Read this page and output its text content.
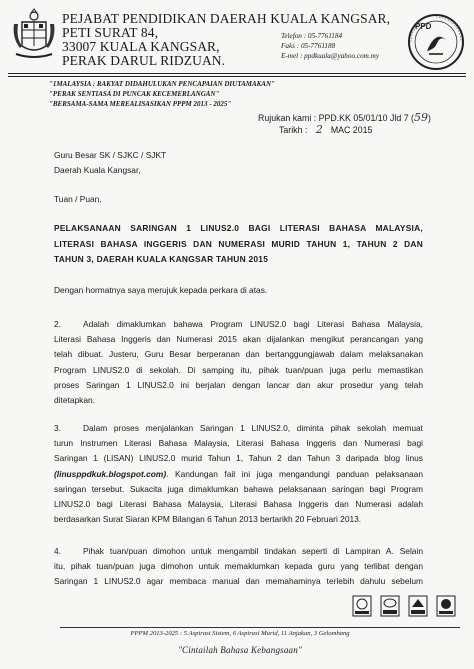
PEJABAT PENDIDIKAN DAERAH KUALA KANGSAR,
PETI SURAT 84,
33007 KUALA KANGSAR,
PERAK DARUL RIDZUAN.
Telefon : 05-7761184
Faks : 05-7761188
E-mel : ppdkuala@yahoo.com.my
PPD
"1MALAYSIA : RAKYAT DIDAHULUKAN PENCAPAIAN DIUTAMAKAN"
"PERAK SENTIASA DI PUNCAK KECEMERLANGAN"
"BERSAMA-SAMA MEREALISASIKAN PPPM 2013 - 2025"
Rujukan kami : PPD.KK 05/01/10 Jld 7 (59)
Tarikh : 2 MAC 2015
Guru Besar SK / SJKC / SJKT
Daerah Kuala Kangsar,
Tuan / Puan,
PELAKSANAAN SARINGAN 1 LINUS2.0 BAGI LITERASI BAHASA MALAYSIA,
LITERASI BAHASA INGGERIS DAN NUMERASI MURID TAHUN 1, TAHUN 2 DAN
TAHUN 3, DAERAH KUALA KANGSAR TAHUN 2015
Dengan hormatnya saya merujuk kepada perkara di atas.
2.	Adalah dimaklumkan bahawa Program LINUS2.0 bagi Literasi Bahasa Malaysia,
Literasi Bahasa Inggeris dan Numerasi 2015 akan dijalankan mengikut perancangan yang
telah dibuat. Justeru, Guru Besar berperanan dan bertanggungjawab dalam melaksanakan
Program LINUS2.0 di sekolah. Di samping itu, pihak tuan/puan juga perlu memastikan
proses Saringan 1 LINUS2.0 ini berjalan dengan lancar dan akur prosedur yang telah
ditetapkan.
3.	Dalam proses menjalankan Saringan 1 LINUS2.0, diminta pihak sekolah memuat
turun Instrumen Literasi Bahasa Malaysia, Literasi Bahasa Inggeris dan Numerasi bagi
Saringan 1 (LISAN) LINUS2.0 murid Tahun 1, Tahun 2 dan Tahun 3 daripada blog linus
(linusppdkuk.blogspot.com). Kandungan fail ini juga mengandungi panduan pelaksanaan
saringan tersebut. Sukacita juga dimaklumkan bahawa pelaksanaan saringan bagi Program
LINUS2.0 bagi Literasi Bahasa Malaysia, Literasi Bahasa Inggeris dan Numerasi adalah
berdasarkan Surat Siaran KPM Bilangan 6 Tahun 2013 bertarikh 20 Februari 2013.
4.	Pihak tuan/puan dimohon untuk mengambil tindakan seperti di Lampiran A. Selain
itu, pihak tuan/puan juga dimohon untuk memaklumkan kepada guru yang terlibat dengan
Saringan 1 LINUS2.0 agar membaca manual dan memahaminya terlebih dahulu sebelum
PPPM 2013-2025 : 5 Aspirasi Sistem, 6 Aspirasi Murid, 11 Anjakan, 3 Gelombang
"Cintailah Bahasa Kebangsaan"
